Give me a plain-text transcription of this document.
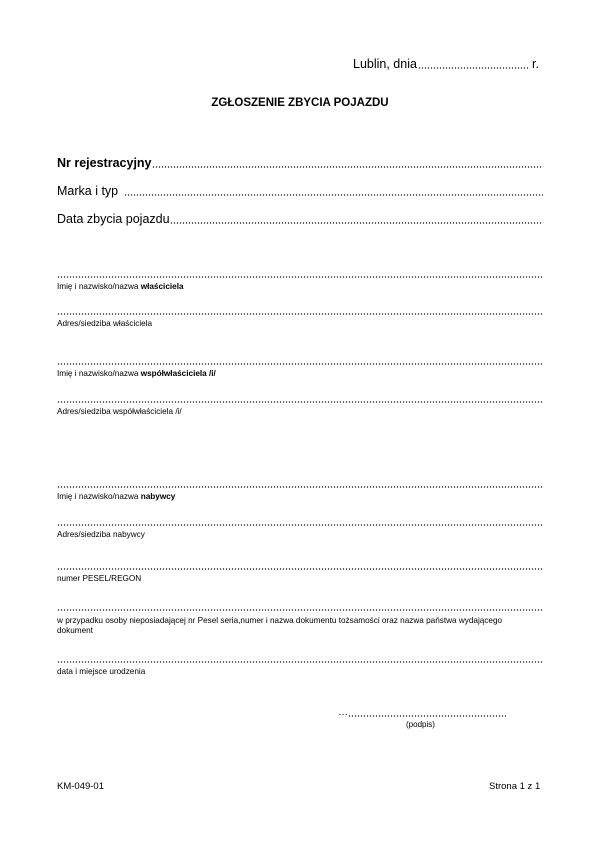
Lublin, dnia	r.
ZGŁOSZENIE ZBYCIA POJAZDU
Nr rejestracyjny
Marka i typ
Data zbycia pojazdu
Imię i nazwisko/nazwa właściciela
Adres/siedziba właściciela
Imię i nazwisko/nazwa współwłaściciela /i/
Adres/siedziba współwłaściciela /i/
Imię i nazwisko/nazwa nabywcy
Adres/siedziba nabywcy
numer PESEL/REGON
w przypadku osoby nieposiadającej nr Pesel seria,numer i nazwa dokumentu tożsamości oraz nazwa państwa wydającego dokument
data i miejsce urodzenia
…
(podpis)
KM-049-01	Strona 1 z 1
